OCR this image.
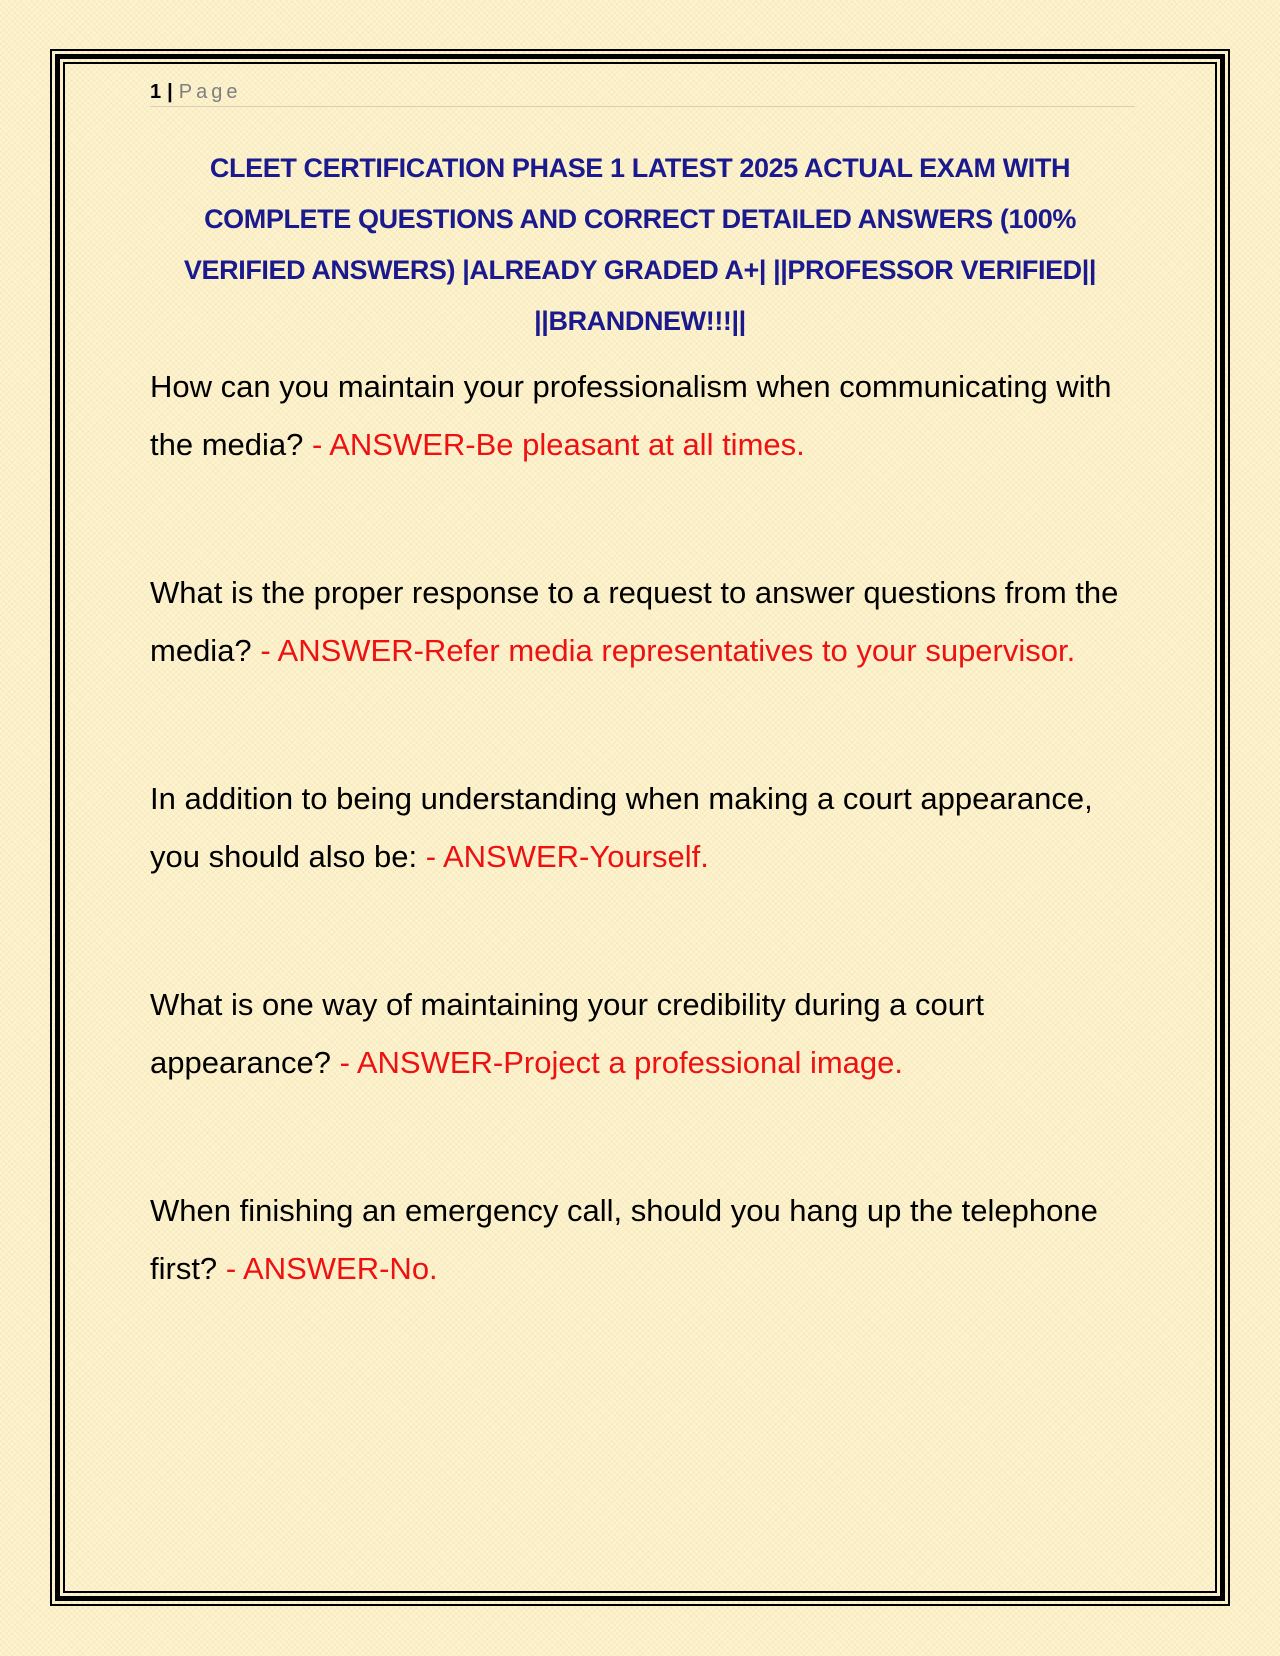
1 | Page
CLEET CERTIFICATION PHASE 1 LATEST 2025 ACTUAL EXAM WITH COMPLETE QUESTIONS AND CORRECT DETAILED ANSWERS (100% VERIFIED ANSWERS) |ALREADY GRADED A+| ||PROFESSOR VERIFIED|| ||BRANDNEW!!!||

How can you maintain your professionalism when communicating with the media? - ANSWER-Be pleasant at all times.

What is the proper response to a request to answer questions from the media? - ANSWER-Refer media representatives to your supervisor.

In addition to being understanding when making a court appearance, you should also be: - ANSWER-Yourself.

What is one way of maintaining your credibility during a court appearance? - ANSWER-Project a professional image.

When finishing an emergency call, should you hang up the telephone first? - ANSWER-No.
